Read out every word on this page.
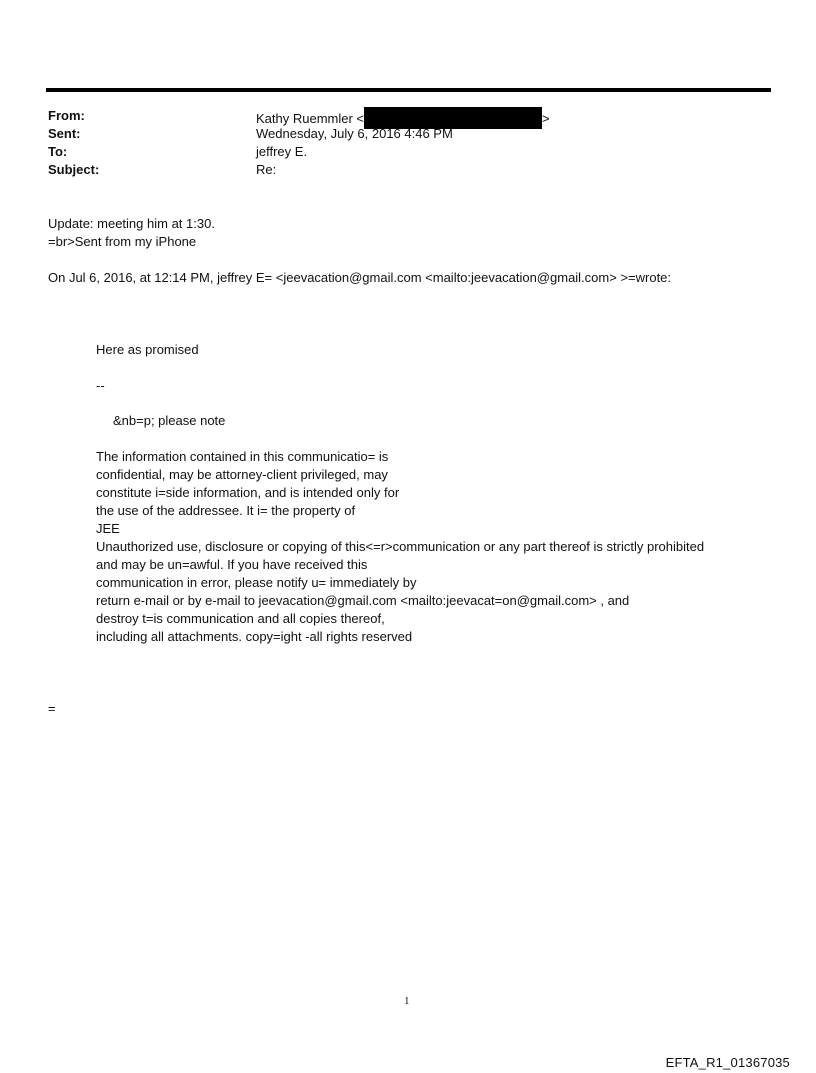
From:	Kathy Ruemmler <	>
Sent:	Wednesday, July 6, 2016 4:46 PM
To:	jeffrey E.
Subject:	Re:
Update: meeting him at 1:30.
=br>Sent from my iPhone
On Jul 6, 2016, at 12:14 PM, jeffrey E= <jeevacation@gmail.com <mailto:jeevacation@gmail.com> >=wrote:
Here as promised
--
&nb=p; please note
The information contained in this communicatio= is
confidential, may be attorney-client privileged, may
constitute i=side information, and is intended only for
the use of the addressee. It i= the property of
JEE
Unauthorized use, disclosure or copying of this<=r>communication or any part thereof is strictly prohibited
and may be un=awful. If you have received this
communication in error, please notify u= immediately by
return e-mail or by e-mail to jeevacation@gmail.com <mailto:jeevacat=on@gmail.com> , and
destroy t=is communication and all copies thereof,
including all attachments. copy=ight -all rights reserved
=
1
EFTA_R1_01367035
